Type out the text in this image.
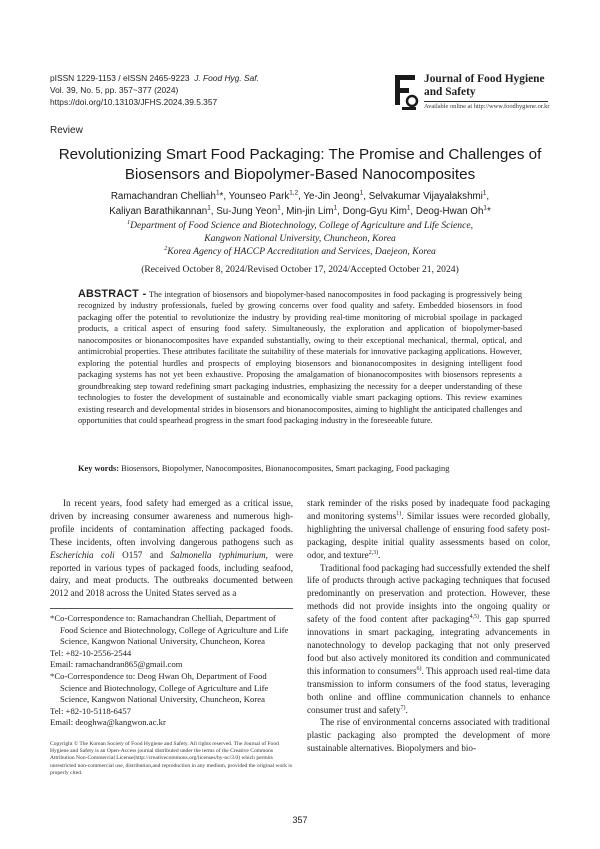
pISSN 1229-1153 / eISSN 2465-9223 J. Food Hyg. Saf.
Vol. 39, No. 5, pp. 357~377 (2024)
https://doi.org/10.13103/JFHS.2024.39.5.357
Journal of Food Hygiene
and Safety
Available online at http://www.foodhygiene.or.kr
Review
Revolutionizing Smart Food Packaging: The Promise and Challenges of
Biosensors and Biopolymer-Based Nanocomposites
Ramachandran Chelliah$^1$*, Younseo Park$^{1,2}$, Ye-Jin Jeong$^1$, Selvakumar Vijayalakshmi$^1$,
Kaliyan Barathikannan$^1$, Su-Jung Yeon$^1$, Min-jin Lim$^1$, Dong-Gyu Kim$^1$, Deog-Hwan Oh$^1$*
$^1$Department of Food Science and Biotechnology, College of Agriculture and Life Science,
Kangwon National University, Chuncheon, Korea
$^2$Korea Agency of HACCP Accreditation and Services, Daejeon, Korea
(Received October 8, 2024/Revised October 17, 2024/Accepted October 21, 2024)
ABSTRACT - The integration of biosensors and biopolymer-based nanocomposites in food packaging is progressively being recognized by industry professionals, fueled by growing concerns over food quality and safety. Embedded biosensors in food packaging offer the potential to revolutionize the industry by providing real-time monitoring of microbial spoilage in packaged products, a critical aspect of ensuring food safety. Simultaneously, the exploration and application of biopolymer-based nanocomposites or bionanocomposites have expanded substantially, owing to their exceptional mechanical, thermal, optical, and antimicrobial properties. These attributes facilitate the suitability of these materials for innovative packaging applications. However, exploring the potential hurdles and prospects of employing biosensors and bionanocomposites in designing intelligent food packaging systems has not yet been exhaustive. Proposing the amalgamation of bionanocomposites with biosensors represents a groundbreaking step toward redefining smart packaging industries, emphasizing the necessity for a deeper understanding of these technologies to foster the development of sustainable and economically viable smart packaging options. This review examines existing research and developmental strides in biosensors and bionanocomposites, aiming to highlight the anticipated challenges and opportunities that could spearhead progress in the smart food packaging industry in the foreseeable future.
Key words: Biosensors, Biopolymer, Nanocomposites, Bionanocomposites, Smart packaging, Food packaging

In recent years, food safety had emerged as a critical issue, driven by increasing consumer awareness and numerous high-profile incidents of contamination affecting packaged foods. These incidents, often involving dangerous pathogens such as Escherichia coli O157 and Salmonella typhimurium, were reported in various types of packaged foods, including seafood, dairy, and meat products. The outbreaks documented between 2012 and 2018 across the United States served as a

*Co-Correspondence to: Ramachandran Chelliah, Department of Food Science and Biotechnology, College of Agriculture and Life Science, Kangwon National University, Chuncheon, Korea
Tel: +82-10-2556-2544
Email: ramachandran865@gmail.com
*Co-Correspondence to: Deog Hwan Oh, Department of Food Science and Biotechnology, College of Agriculture and Life Science, Kangwon National University, Chuncheon, Korea
Tel: +82-10-5118-6457
Email: deoghwa@kangwon.ac.kr
Copyright © The Korean Society of Food Hygiene and Safety. All rights reserved. The Journal of Food Hygiene and Safety is an Open-Access journal distributed under the terms of the Creative Commons Attribution Non-Commercial License(http://creativecommons.org/licenses/by-nc/3.0) which permits unrestricted non-commercial use, distribution,and reproduction in any medium, provided the original work is properly cited.

stark reminder of the risks posed by inadequate food packaging and monitoring systems$^{1)}$. Similar issues were recorded globally, highlighting the universal challenge of ensuring food safety post-packaging, despite initial quality assessments based on color, odor, and texture$^{2,3)}$.

Traditional food packaging had successfully extended the shelf life of products through active packaging techniques that focused predominantly on preservation and protection. However, these methods did not provide insights into the ongoing quality or safety of the food content after packaging$^{4,5)}$. This gap spurred innovations in smart packaging, integrating advancements in nanotechnology to develop packaging that not only preserved food but also actively monitored its condition and communicated this information to consumers$^{6)}$. This approach used real-time data transmission to inform consumers of the food status, leveraging both online and offline communication channels to enhance consumer trust and safety$^{7)}$.

The rise of environmental concerns associated with traditional plastic packaging also prompted the development of more sustainable alternatives. Biopolymers and bio-

357
